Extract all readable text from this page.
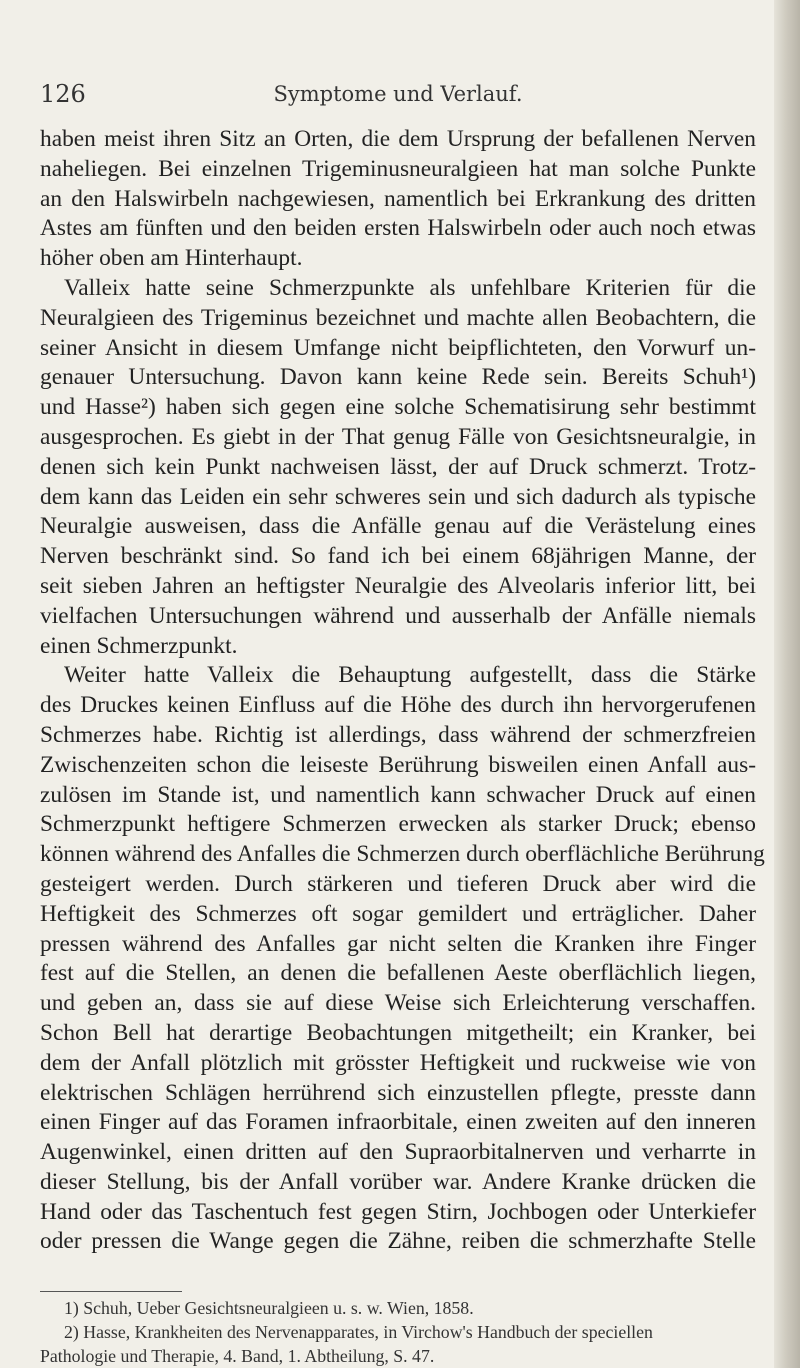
126	Symptome und Verlauf.
haben meist ihren Sitz an Orten, die dem Ursprung der befallenen Nerven
naheliegen. Bei einzelnen Trigeminusneuralgieen hat man solche Punkte
an den Halswirbeln nachgewiesen, namentlich bei Erkrankung des dritten
Astes am fünften und den beiden ersten Halswirbeln oder auch noch etwas
höher oben am Hinterhaupt.
Valleix hatte seine Schmerzpunkte als unfehlbare Kriterien für die
Neuralgieen des Trigeminus bezeichnet und machte allen Beobachtern, die
seiner Ansicht in diesem Umfange nicht beipflichteten, den Vorwurf un-
genauer Untersuchung. Davon kann keine Rede sein. Bereits Schuh¹)
und Hasse²) haben sich gegen eine solche Schematisirung sehr bestimmt
ausgesprochen. Es giebt in der That genug Fälle von Gesichtsneuralgie, in
denen sich kein Punkt nachweisen lässt, der auf Druck schmerzt. Trotz-
dem kann das Leiden ein sehr schweres sein und sich dadurch als typische
Neuralgie ausweisen, dass die Anfälle genau auf die Verästelung eines
Nerven beschränkt sind. So fand ich bei einem 68jährigen Manne, der
seit sieben Jahren an heftigster Neuralgie des Alveolaris inferior litt, bei
vielfachen Untersuchungen während und ausserhalb der Anfälle niemals
einen Schmerzpunkt.
Weiter hatte Valleix die Behauptung aufgestellt, dass die Stärke
des Druckes keinen Einfluss auf die Höhe des durch ihn hervorgerufenen
Schmerzes habe. Richtig ist allerdings, dass während der schmerzfreien
Zwischenzeiten schon die leiseste Berührung bisweilen einen Anfall aus-
zulösen im Stande ist, und namentlich kann schwacher Druck auf einen
Schmerzpunkt heftigere Schmerzen erwecken als starker Druck; ebenso
können während des Anfalles die Schmerzen durch oberflächliche Berührung
gesteigert werden. Durch stärkeren und tieferen Druck aber wird die
Heftigkeit des Schmerzes oft sogar gemildert und erträglicher. Daher
pressen während des Anfalles gar nicht selten die Kranken ihre Finger
fest auf die Stellen, an denen die befallenen Aeste oberflächlich liegen,
und geben an, dass sie auf diese Weise sich Erleichterung verschaffen.
Schon Bell hat derartige Beobachtungen mitgetheilt; ein Kranker, bei
dem der Anfall plötzlich mit grösster Heftigkeit und ruckweise wie von
elektrischen Schlägen herrührend sich einzustellen pflegte, presste dann
einen Finger auf das Foramen infraorbitale, einen zweiten auf den inneren
Augenwinkel, einen dritten auf den Supraorbitalnerven und verharrte in
dieser Stellung, bis der Anfall vorüber war. Andere Kranke drücken die
Hand oder das Taschentuch fest gegen Stirn, Jochbogen oder Unterkiefer
oder pressen die Wange gegen die Zähne, reiben die schmerzhafte Stelle
1) Schuh, Ueber Gesichtsneuralgieen u. s. w. Wien, 1858.
2) Hasse, Krankheiten des Nervenapparates, in Virchow's Handbuch der speciellen
Pathologie und Therapie, 4. Band, 1. Abtheilung, S. 47.
